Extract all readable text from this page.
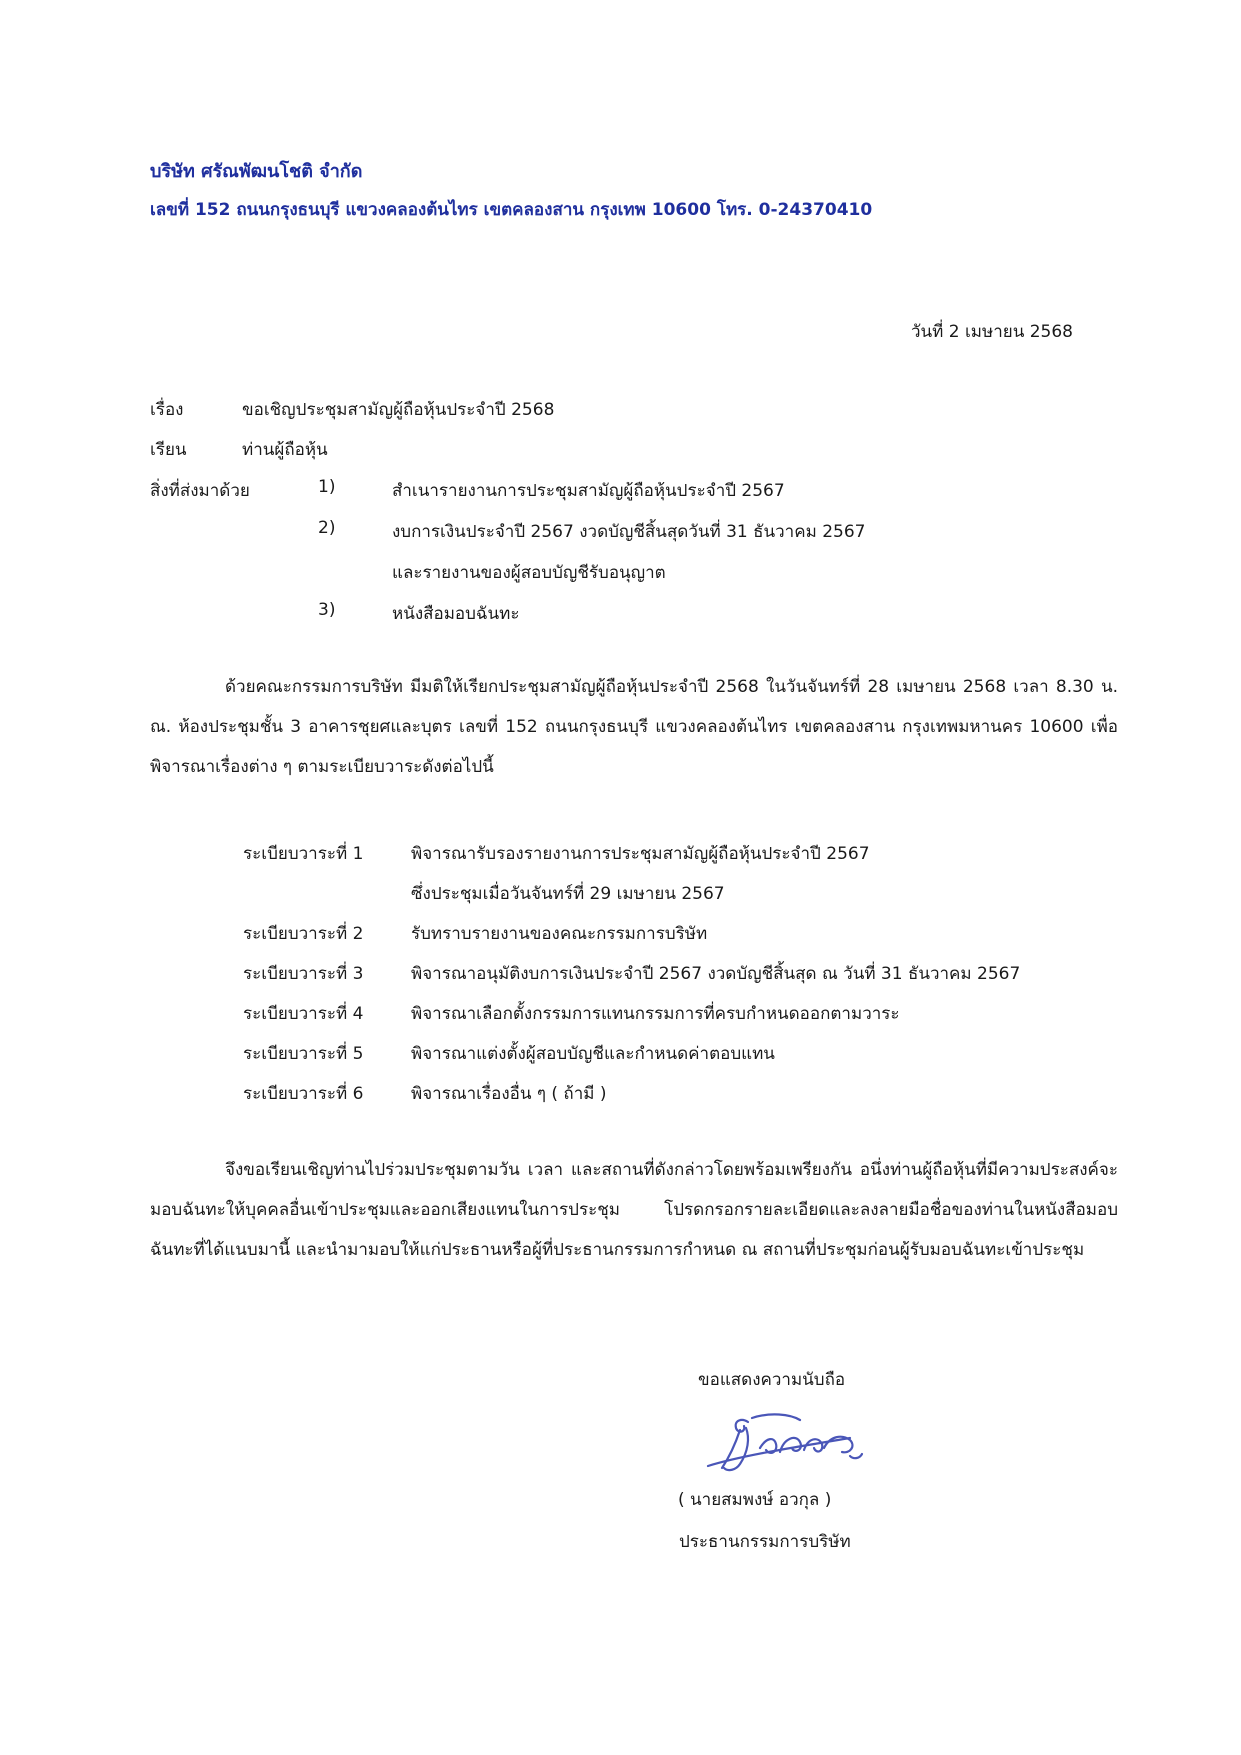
บริษัท ศรัณพัฒนโชติ จำกัด
เลขที่ 152 ถนนกรุงธนบุรี แขวงคลองต้นไทร เขตคลองสาน กรุงเทพ 10600 โทร. 0-24370410
วันที่ 2 เมษายน 2568
เรื่อง	ขอเชิญประชุมสามัญผู้ถือหุ้นประจำปี 2568
เรียน	ท่านผู้ถือหุ้น
สิ่งที่ส่งมาด้วย	1)	สำเนารายงานการประชุมสามัญผู้ถือหุ้นประจำปี 2567
2)	งบการเงินประจำปี 2567 งวดบัญชีสิ้นสุดวันที่ 31 ธันวาคม 2567
และรายงานของผู้สอบบัญชีรับอนุญาต
3)	หนังสือมอบฉันทะ

ด้วยคณะกรรมการบริษัท มีมติให้เรียกประชุมสามัญผู้ถือหุ้นประจำปี 2568 ในวันจันทร์ที่ 28 เมษายน 2568 เวลา 8.30 น. ณ. ห้องประชุมชั้น 3 อาคารชุยศและบุตร เลขที่ 152 ถนนกรุงธนบุรี แขวงคลองต้นไทร เขตคลองสาน กรุงเทพมหานคร 10600 เพื่อพิจารณาเรื่องต่าง ๆ ตามระเบียบวาระดังต่อไปนี้

ระเบียบวาระที่ 1	พิจารณารับรองรายงานการประชุมสามัญผู้ถือหุ้นประจำปี 2567
ซึ่งประชุมเมื่อวันจันทร์ที่ 29 เมษายน 2567
ระเบียบวาระที่ 2	รับทราบรายงานของคณะกรรมการบริษัท
ระเบียบวาระที่ 3	พิจารณาอนุมัติงบการเงินประจำปี 2567 งวดบัญชีสิ้นสุด ณ วันที่ 31 ธันวาคม 2567
ระเบียบวาระที่ 4	พิจารณาเลือกตั้งกรรมการแทนกรรมการที่ครบกำหนดออกตามวาระ
ระเบียบวาระที่ 5	พิจารณาแต่งตั้งผู้สอบบัญชีและกำหนดค่าตอบแทน
ระเบียบวาระที่ 6	พิจารณาเรื่องอื่น ๆ ( ถ้ามี )

จึงขอเรียนเชิญท่านไปร่วมประชุมตามวัน เวลา และสถานที่ดังกล่าวโดยพร้อมเพรียงกัน อนึ่งท่านผู้ถือหุ้นที่มีความประสงค์จะมอบฉันทะให้บุคคลอื่นเข้าประชุมและออกเสียงแทนในการประชุม โปรดกรอกรายละเอียดและลงลายมือชื่อของท่านในหนังสือมอบฉันทะที่ได้แนบมานี้ และนำมามอบให้แก่ประธานหรือผู้ที่ประธานกรรมการกำหนด ณ สถานที่ประชุมก่อนผู้รับมอบฉันทะเข้าประชุม

ขอแสดงความนับถือ
( นายสมพงษ์ อวกุล )
ประธานกรรมการบริษัท
